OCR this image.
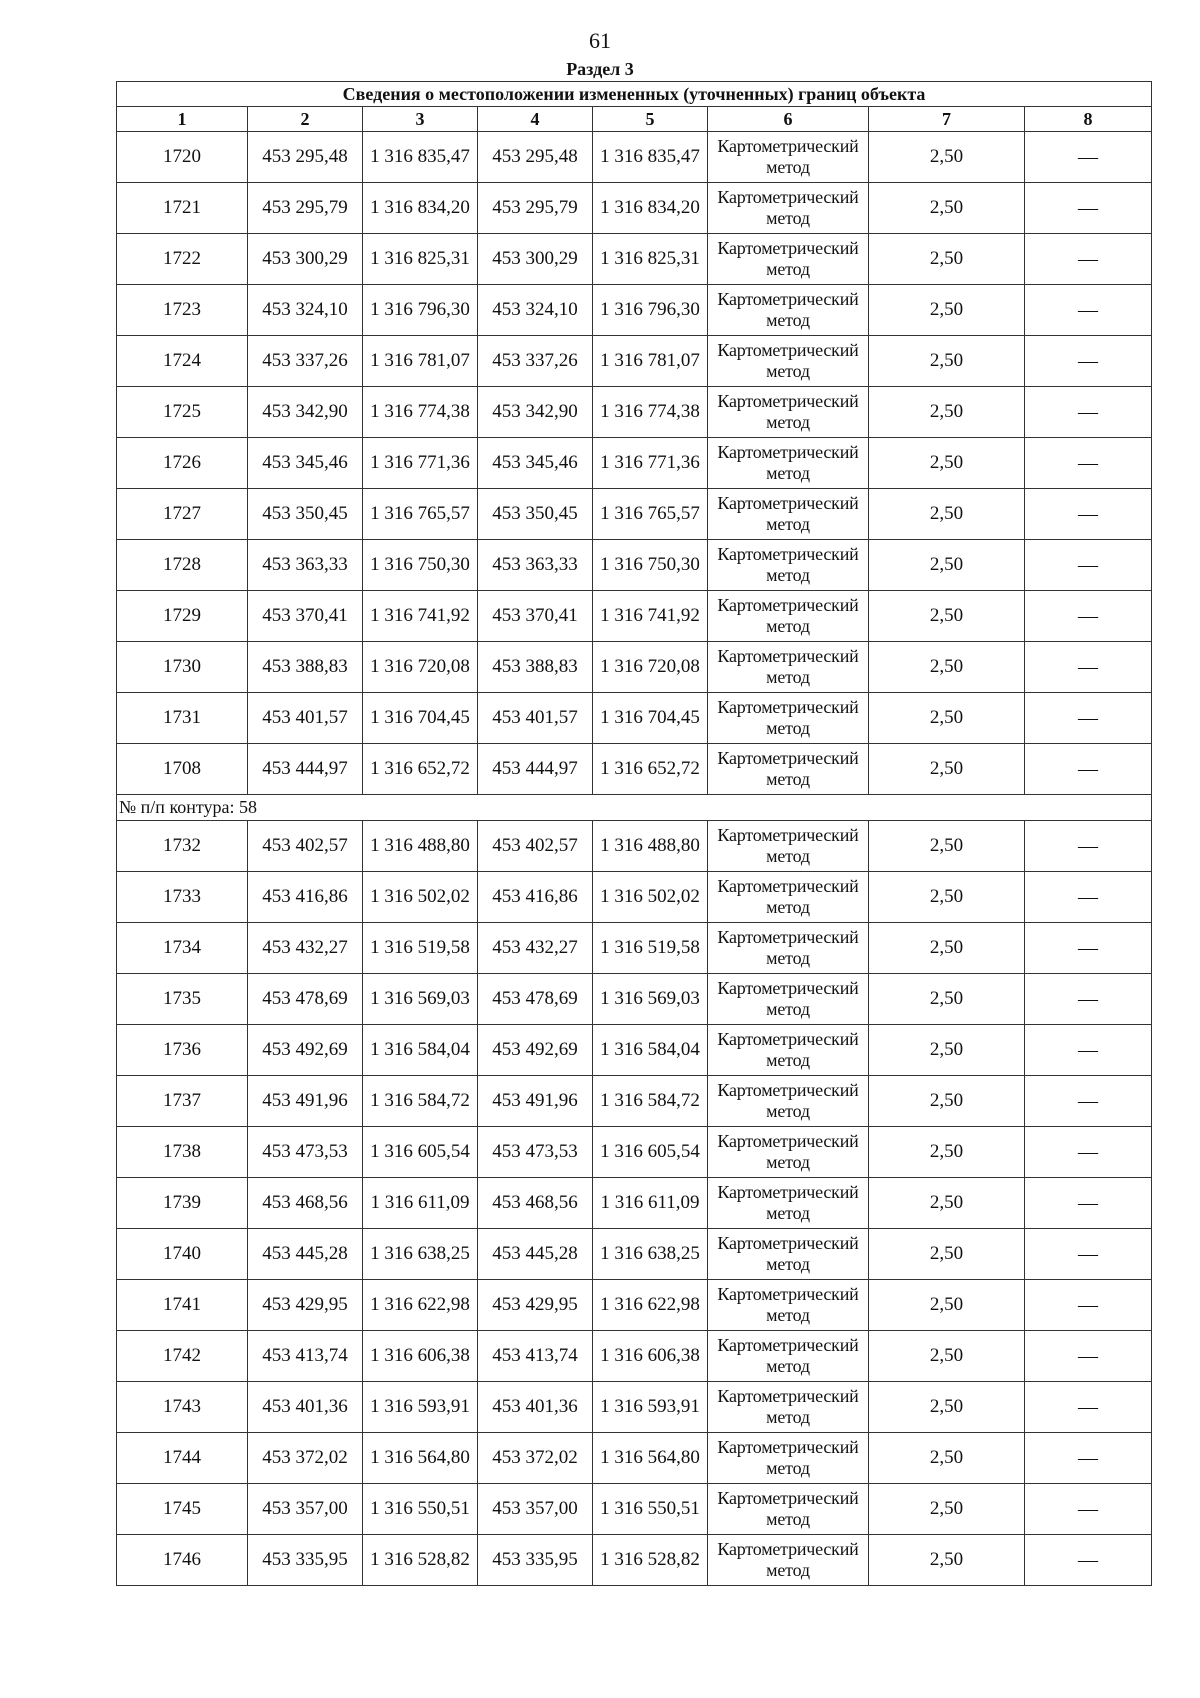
61
Раздел 3
Сведения о местоположении измененных (уточненных) границ объекта							
1	2	3	4	5	6	7	8
1720	453 295,48	1 316 835,47	453 295,48	1 316 835,47	Картометрический метод	2,50	—
1721	453 295,79	1 316 834,20	453 295,79	1 316 834,20	Картометрический метод	2,50	—
1722	453 300,29	1 316 825,31	453 300,29	1 316 825,31	Картометрический метод	2,50	—
1723	453 324,10	1 316 796,30	453 324,10	1 316 796,30	Картометрический метод	2,50	—
1724	453 337,26	1 316 781,07	453 337,26	1 316 781,07	Картометрический метод	2,50	—
1725	453 342,90	1 316 774,38	453 342,90	1 316 774,38	Картометрический метод	2,50	—
1726	453 345,46	1 316 771,36	453 345,46	1 316 771,36	Картометрический метод	2,50	—
1727	453 350,45	1 316 765,57	453 350,45	1 316 765,57	Картометрический метод	2,50	—
1728	453 363,33	1 316 750,30	453 363,33	1 316 750,30	Картометрический метод	2,50	—
1729	453 370,41	1 316 741,92	453 370,41	1 316 741,92	Картометрический метод	2,50	—
1730	453 388,83	1 316 720,08	453 388,83	1 316 720,08	Картометрический метод	2,50	—
1731	453 401,57	1 316 704,45	453 401,57	1 316 704,45	Картометрический метод	2,50	—
1708	453 444,97	1 316 652,72	453 444,97	1 316 652,72	Картометрический метод	2,50	—
№ п/п контура: 58							
1732	453 402,57	1 316 488,80	453 402,57	1 316 488,80	Картометрический метод	2,50	—
1733	453 416,86	1 316 502,02	453 416,86	1 316 502,02	Картометрический метод	2,50	—
1734	453 432,27	1 316 519,58	453 432,27	1 316 519,58	Картометрический метод	2,50	—
1735	453 478,69	1 316 569,03	453 478,69	1 316 569,03	Картометрический метод	2,50	—
1736	453 492,69	1 316 584,04	453 492,69	1 316 584,04	Картометрический метод	2,50	—
1737	453 491,96	1 316 584,72	453 491,96	1 316 584,72	Картометрический метод	2,50	—
1738	453 473,53	1 316 605,54	453 473,53	1 316 605,54	Картометрический метод	2,50	—
1739	453 468,56	1 316 611,09	453 468,56	1 316 611,09	Картометрический метод	2,50	—
1740	453 445,28	1 316 638,25	453 445,28	1 316 638,25	Картометрический метод	2,50	—
1741	453 429,95	1 316 622,98	453 429,95	1 316 622,98	Картометрический метод	2,50	—
1742	453 413,74	1 316 606,38	453 413,74	1 316 606,38	Картометрический метод	2,50	—
1743	453 401,36	1 316 593,91	453 401,36	1 316 593,91	Картометрический метод	2,50	—
1744	453 372,02	1 316 564,80	453 372,02	1 316 564,80	Картометрический метод	2,50	—
1745	453 357,00	1 316 550,51	453 357,00	1 316 550,51	Картометрический метод	2,50	—
1746	453 335,95	1 316 528,82	453 335,95	1 316 528,82	Картометрический метод	2,50	—
